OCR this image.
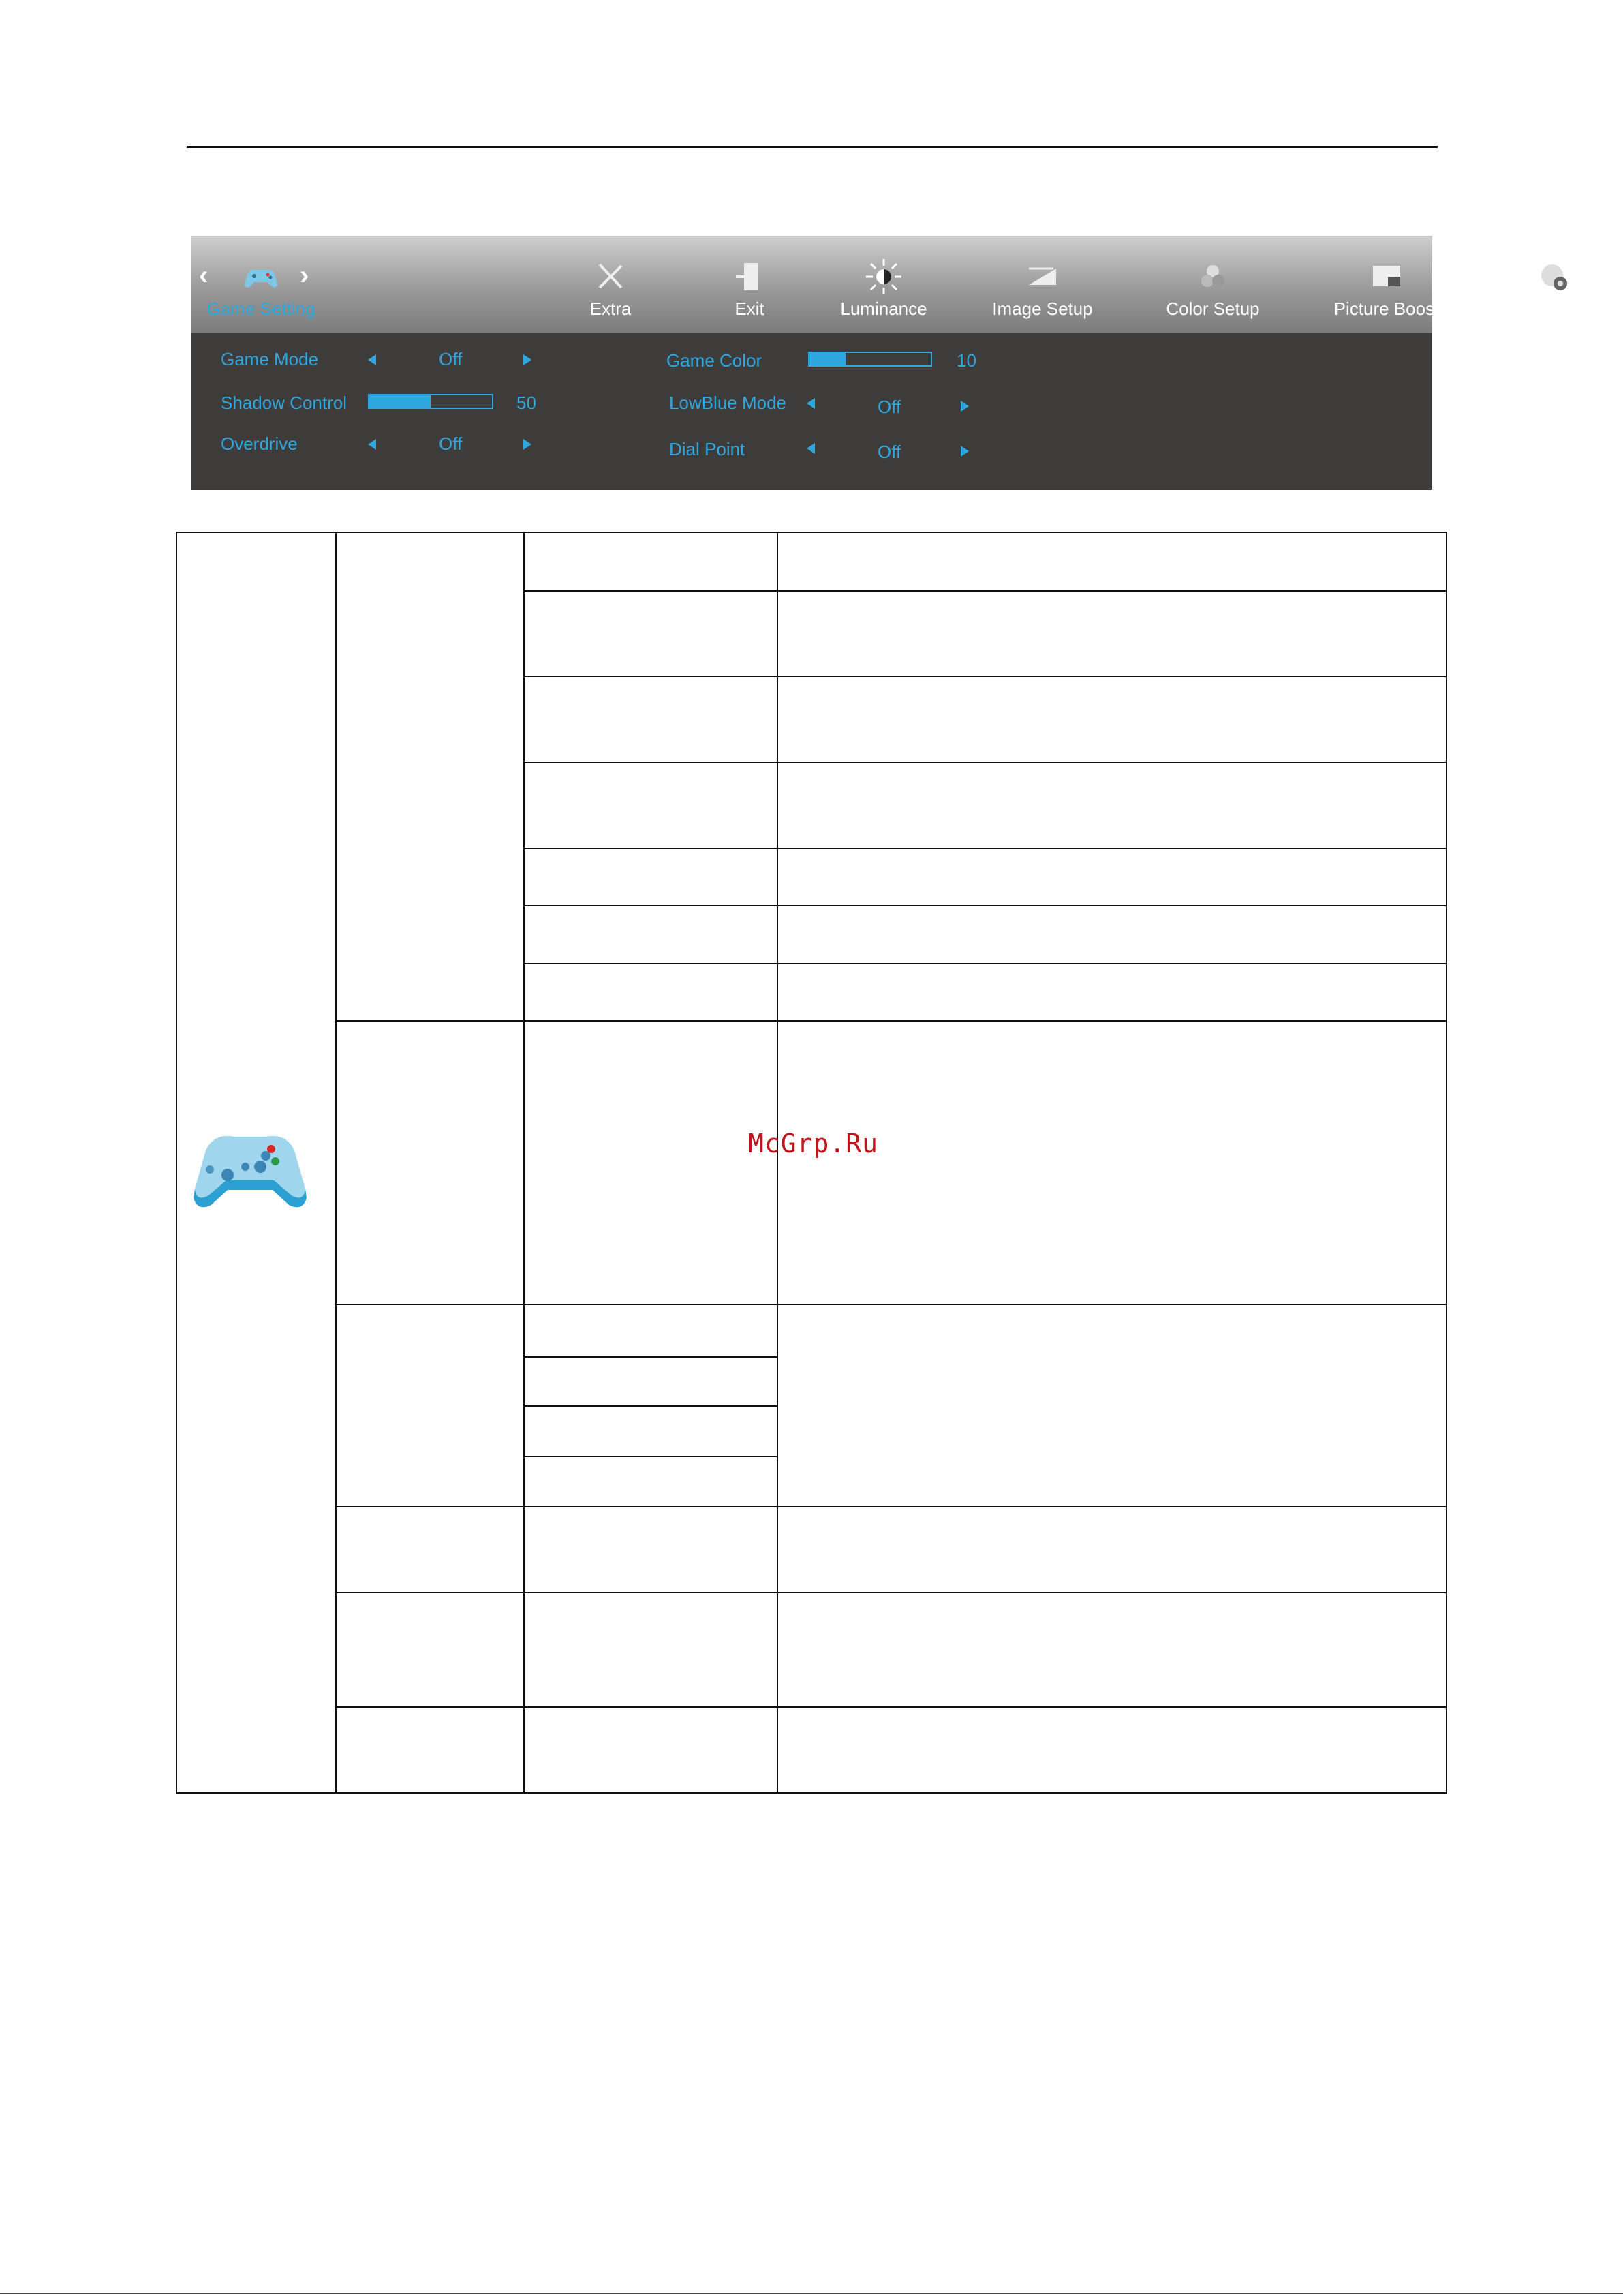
‹	›
Game Setting	Extra	Exit	Luminance	Image Setup	Color Setup	Picture Boost	OSD Setup
Game Mode	Off
Shadow Control	50
Overdrive	Off
Game Color	10
LowBlue Mode	Off
Dial Point	Off
McGrp.Ru
